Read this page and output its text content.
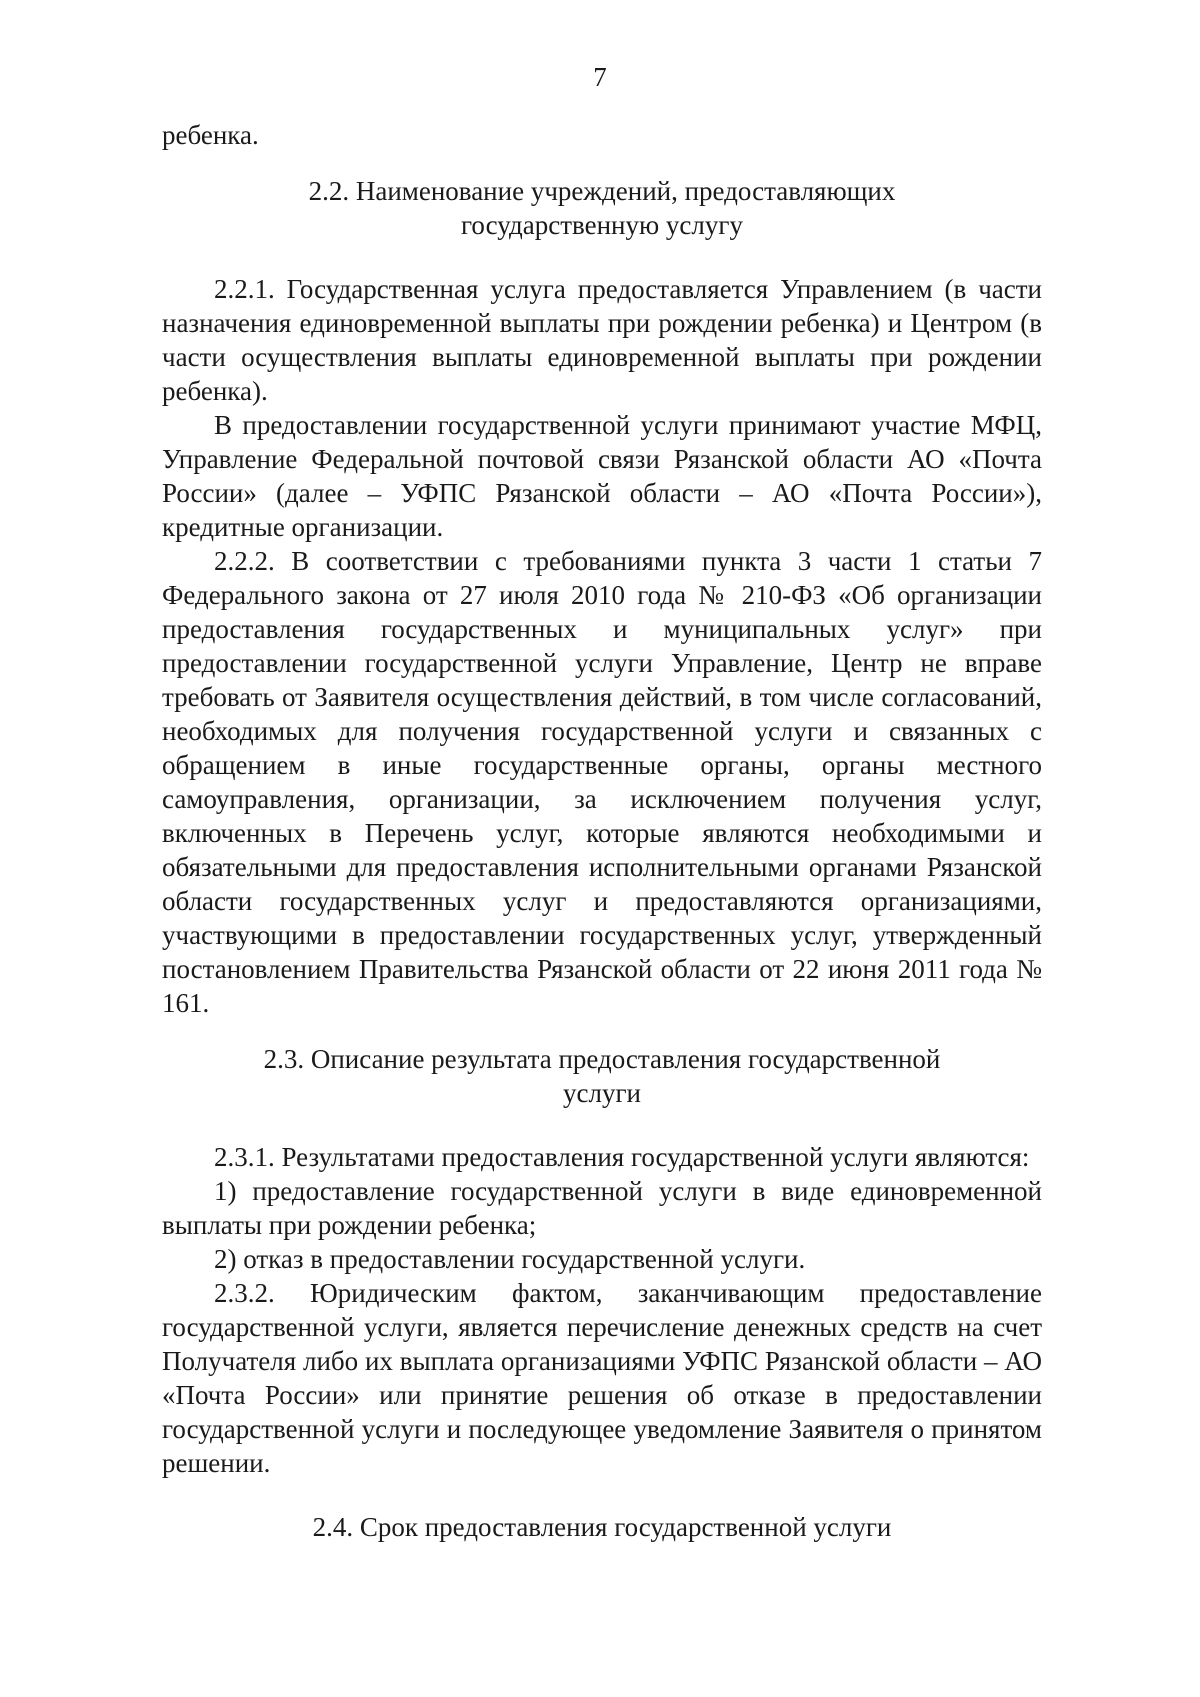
7

ребенка.

2.2. Наименование учреждений, предоставляющих

государственную услугу

2.2.1. Государственная услуга предоставляется Управлением (в части назначения единовременной выплаты при рождении ребенка) и Центром (в части осуществления выплаты единовременной выплаты при рождении ребенка).

В предоставлении государственной услуги принимают участие МФЦ, Управление Федеральной почтовой связи Рязанской области АО «Почта России» (далее – УФПС Рязанской области – АО «Почта России»), кредитные организации.

2.2.2. В соответствии с требованиями пункта 3 части 1 статьи 7 Федерального закона от 27 июля 2010 года № 210-ФЗ «Об организации предоставления государственных и муниципальных услуг» при предоставлении государственной услуги Управление, Центр не вправе требовать от Заявителя осуществления действий, в том числе согласований, необходимых для получения государственной услуги и связанных с обращением в иные государственные органы, органы местного самоуправления, организации, за исключением получения услуг, включенных в Перечень услуг, которые являются необходимыми и обязательными для предоставления исполнительными органами Рязанской области государственных услуг и предоставляются организациями, участвующими в предоставлении государственных услуг, утвержденный постановлением Правительства Рязанской области от 22 июня 2011 года № 161.

2.3. Описание результата предоставления государственной

услуги

2.3.1. Результатами предоставления государственной услуги являются:

1) предоставление государственной услуги в виде единовременной выплаты при рождении ребенка;

2) отказ в предоставлении государственной услуги.

2.3.2. Юридическим фактом, заканчивающим предоставление государственной услуги, является перечисление денежных средств на счет Получателя либо их выплата организациями УФПС Рязанской области – АО «Почта России» или принятие решения об отказе в предоставлении государственной услуги и последующее уведомление Заявителя о принятом решении.

2.4. Срок предоставления государственной услуги
